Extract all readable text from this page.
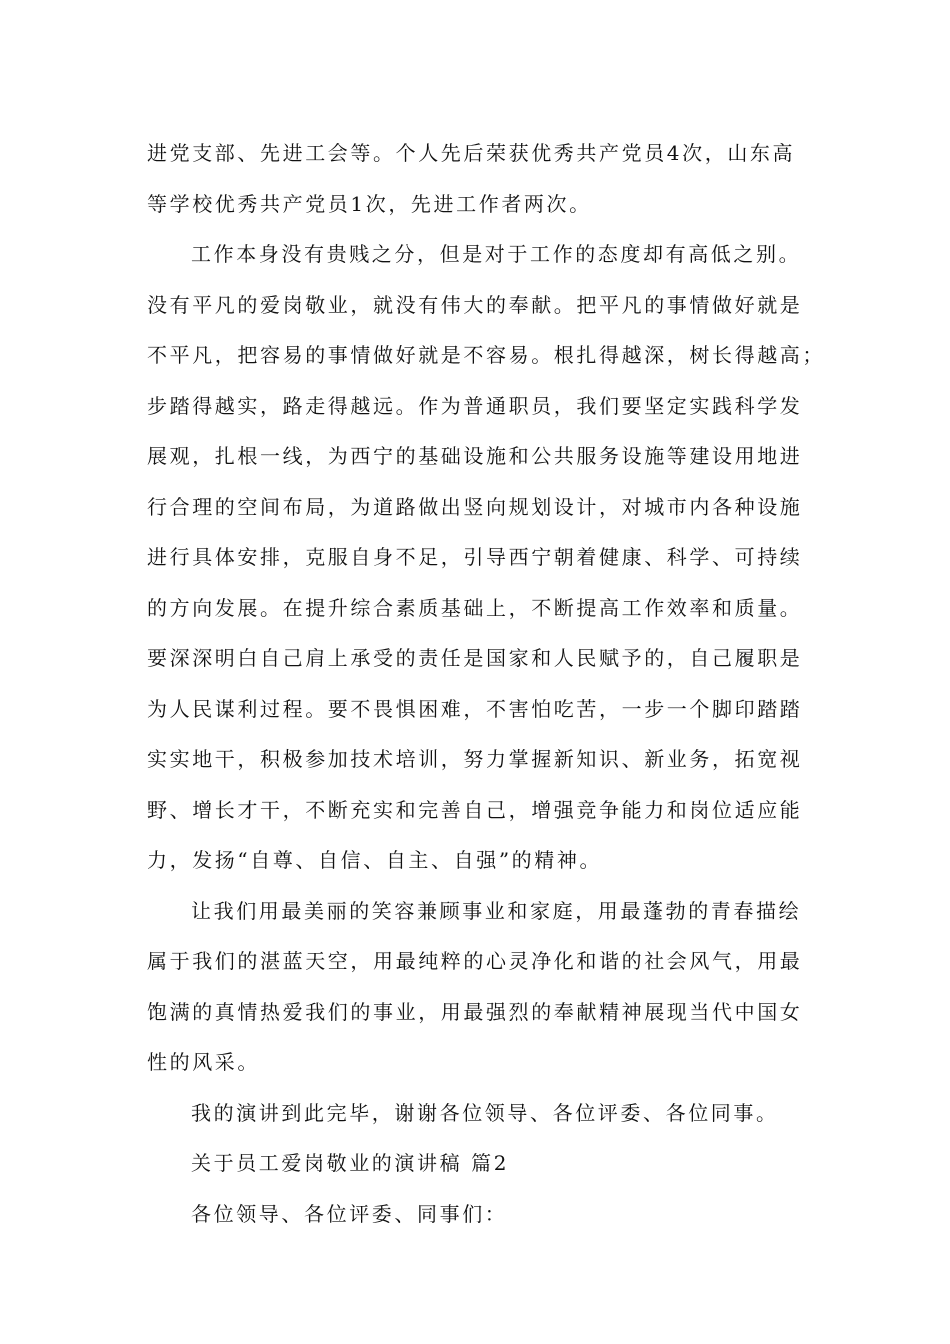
进党支部、先进工会等。个人先后荣获优秀共产党员4次，山东高
等学校优秀共产党员1次，先进工作者两次。
工作本身没有贵贱之分，但是对于工作的态度却有高低之别。
没有平凡的爱岗敬业，就没有伟大的奉献。把平凡的事情做好就是
不平凡，把容易的事情做好就是不容易。根扎得越深，树长得越高；
步踏得越实，路走得越远。作为普通职员，我们要坚定实践科学发
展观，扎根一线，为西宁的基础设施和公共服务设施等建设用地进
行合理的空间布局，为道路做出竖向规划设计，对城市内各种设施
进行具体安排，克服自身不足，引导西宁朝着健康、科学、可持续
的方向发展。在提升综合素质基础上，不断提高工作效率和质量。
要深深明白自己肩上承受的责任是国家和人民赋予的，自己履职是
为人民谋利过程。要不畏惧困难，不害怕吃苦，一步一个脚印踏踏
实实地干，积极参加技术培训，努力掌握新知识、新业务，拓宽视
野、增长才干，不断充实和完善自己，增强竞争能力和岗位适应能
力，发扬“自尊、自信、自主、自强”的精神。
让我们用最美丽的笑容兼顾事业和家庭，用最蓬勃的青春描绘
属于我们的湛蓝天空，用最纯粹的心灵净化和谐的社会风气，用最
饱满的真情热爱我们的事业，用最强烈的奉献精神展现当代中国女
性的风采。
我的演讲到此完毕，谢谢各位领导、各位评委、各位同事。
关于员工爱岗敬业的演讲稿 篇2
各位领导、各位评委、同事们：
